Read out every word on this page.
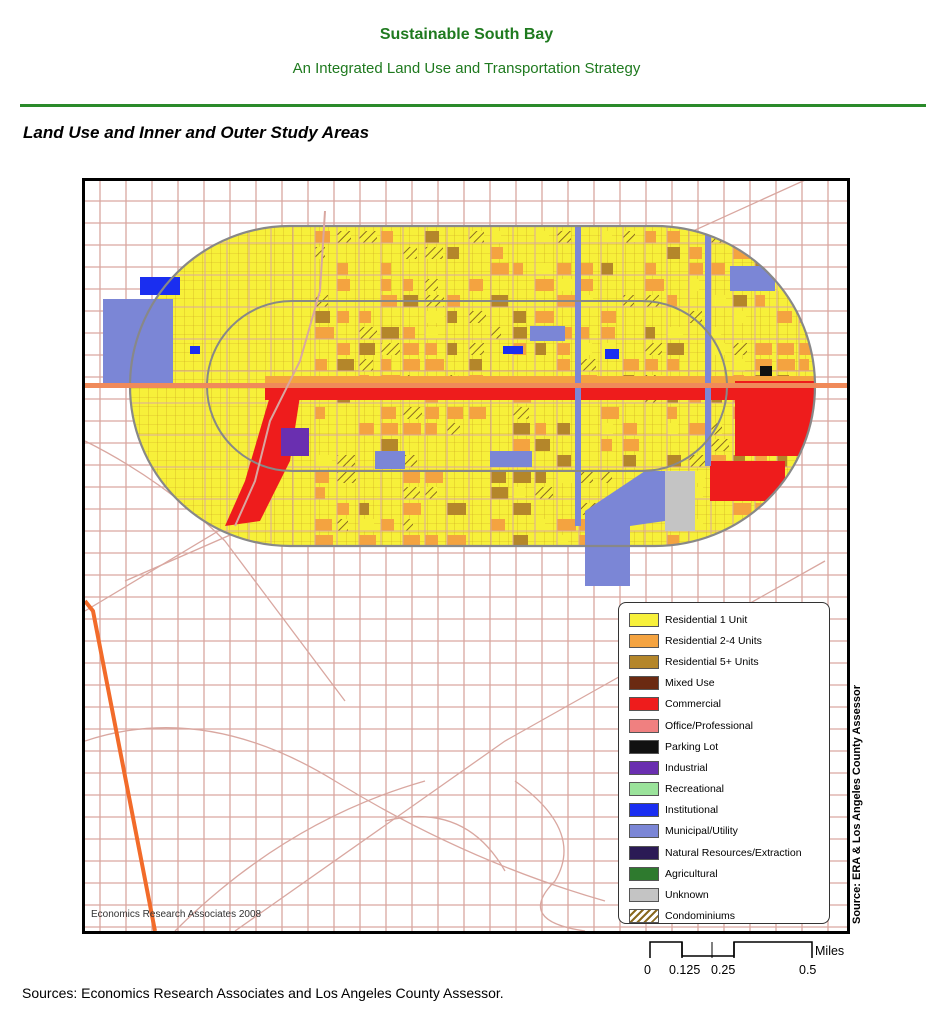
Sustainable South Bay
An Integrated Land Use and Transportation Strategy
Land Use and Inner and Outer Study Areas
Residential 1 Unit
Residential 2-4 Units
Residential 5+ Units
Mixed Use
Commercial
Office/Professional
Parking Lot
Industrial
Recreational
Institutional
Municipal/Utility
Natural Resources/Extraction
Agricultural
Unknown
Condominiums
Economics Research Associates 2008	Source: ERA & Los Angeles County Assessor
Miles
0 0.125 0.25	0.5
Sources: Economics Research Associates and Los Angeles County Assessor.
